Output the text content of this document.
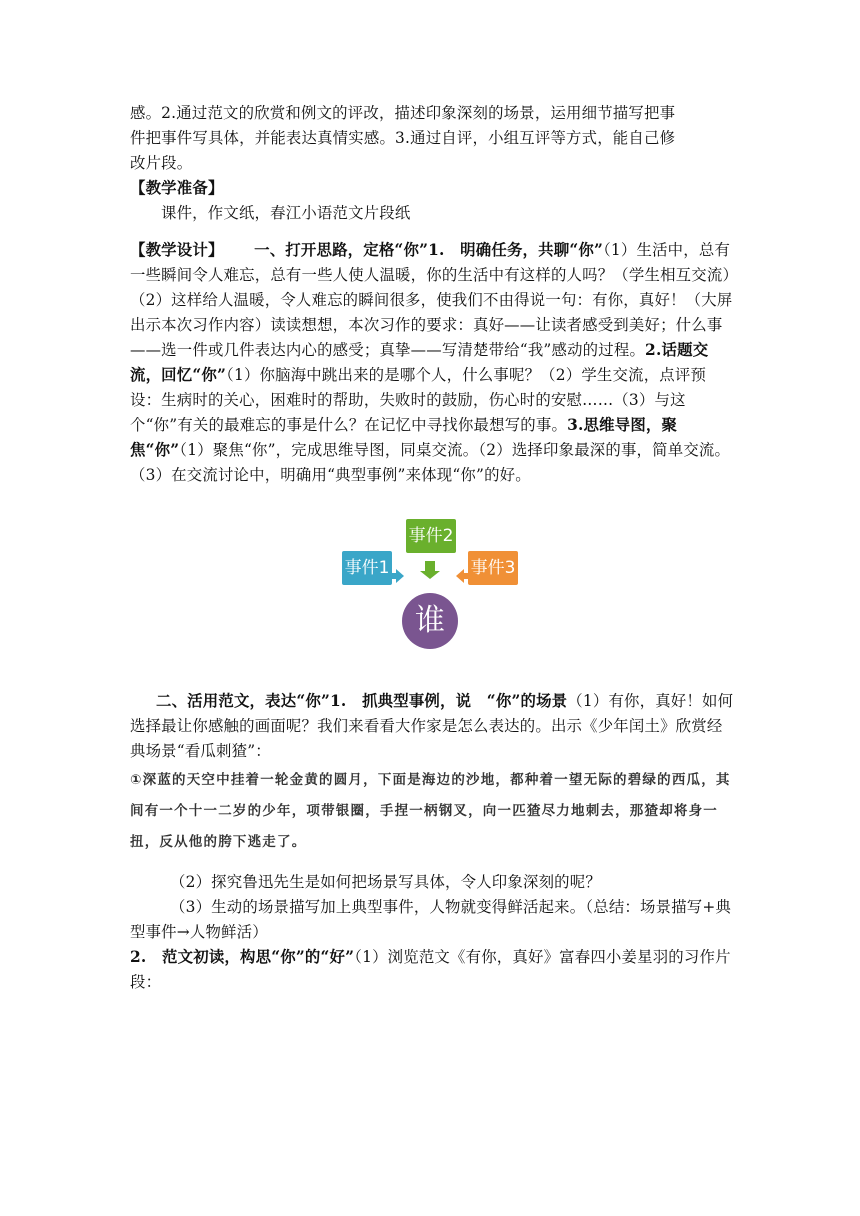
感。2.通过范文的欣赏和例文的评改，描述印象深刻的场景，运用细节描写把事

件把事件写具体，并能表达真情实感。3.通过自评，小组互评等方式，能自己修

改片段。

【教学准备】

课件，作文纸，春江小语范文片段纸

【教学设计】 一、打开思路，定格“你”1.　明确任务，共聊“你”（1）生活中，总有一些瞬间令人难忘，总有一些人使人温暖，你的生活中有这样的人吗？（学生相互交流）（2）这样给人温暖，令人难忘的瞬间很多，使我们不由得说一句：有你，真好！（大屏出示本次习作内容）读读想想，本次习作的要求：真好——让读者感受到美好；什么事——选一件或几件表达内心的感受；真挚——写清楚带给“我”感动的过程。2.话题交流，回忆“你”（1）你脑海中跳出来的是哪个人，什么事呢？（2）学生交流，点评预设：生病时的关心，困难时的帮助，失败时的鼓励，伤心时的安慰……（3）与这个“你”有关的最难忘的事是什么？在记忆中寻找你最想写的事。3.思维导图，聚焦“你”（1）聚焦“你”，完成思维导图，同桌交流。（2）选择印象最深的事，简单交流。（3）在交流讨论中，明确用“典型事例”来体现“你”的好。

事件1
事件2
事件3
谁

二、活用范文，表达“你”1.　抓典型事例，说　“你”的场景（1）有你，真好！如何选择最让你感触的画面呢？我们来看看大作家是怎么表达的。出示《少年闰土》欣赏经典场景“看瓜刺猹”：

①深蓝的天空中挂着一轮金黄的圆月，下面是海边的沙地，都种着一望无际的碧绿的西瓜，其间有一个十一二岁的少年，项带银圈，手捏一柄钢叉，向一匹猹尽力地刺去，那猹却将身一扭，反从他的胯下逃走了。

（2）探究鲁迅先生是如何把场景写具体，令人印象深刻的呢？

（3）生动的场景描写加上典型事件，人物就变得鲜活起来。（总结：场景描写+典型事件→人物鲜活）

2.　范文初读，构思“你”的“好”（1）浏览范文《有你，真好》富春四小姜星羽的习作片段：
